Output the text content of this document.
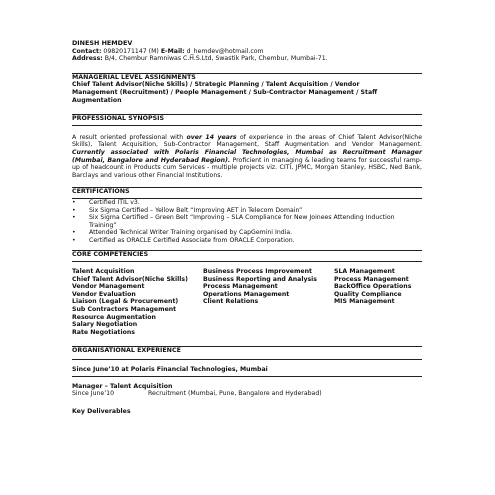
DINESH HEMDEV
Contact: 09820171147 (M) E-Mail: d_hemdev@hotmail.com
Address: B/4, Chembur Ramniwas C.H.S.Ltd, Swastik Park, Chembur, Mumbai-71.
MANAGERIAL LEVEL ASSIGNMENTS
Chief Talent Advisor(Niche Skills) / Strategic Planning / Talent Acquisition / Vendor
Management (Recruitment) / People Management / Sub-Contractor Management / Staff
Augmentation
PROFESSIONAL SYNOPSIS
A result oriented professional with over 14 years of experience in the areas of Chief Talent Advisor(Niche Skills), Talent Acquisition, Sub-Contractor Management, Staff Augmentation and Vendor Management. Currently associated with Polaris Financial Technologies, Mumbai as Recruitment Manager (Mumbai, Bangalore and Hyderabad Region). Proficient in managing & leading teams for successful ramp-up of headcount in Products cum Services - multiple projects viz. CITI, JPMC, Morgan Stanley, HSBC, Ned Bank, Barclays and various other Financial Institutions.
CERTIFICATIONS
• Certified ITIL v3.
• Six Sigma Certified – Yellow Belt “Improving AET in Telecom Domain”
• Six Sigma Certified – Green Belt “Improving – SLA Compliance for New Joinees Attending Induction Training”
• Attended Technical Writer Training organised by CapGemini India.
• Certified as ORACLE Certified Associate from ORACLE Corporation.
CORE COMPETENCIES
Talent Acquisition
Chief Talent Advisor(Niche Skills)
Vendor Management
Vendor Evaluation
Liaison (Legal & Procurement)
Sub Contractors Management
Resource Augmentation
Salary Negotiation
Rate Negotiations
Business Process Improvement
Business Reporting and Analysis
Process Management
Operations Management
Client Relations
SLA Management
Process Management
BackOffice Operations
Quality Compliance
MIS Management
ORGANISATIONAL EXPERIENCE
Since June’10 at Polaris Financial Technologies, Mumbai
Manager – Talent Acquisition
Since June’10	Recruitment (Mumbai, Pune, Bangalore and Hyderabad)
Key Deliverables
